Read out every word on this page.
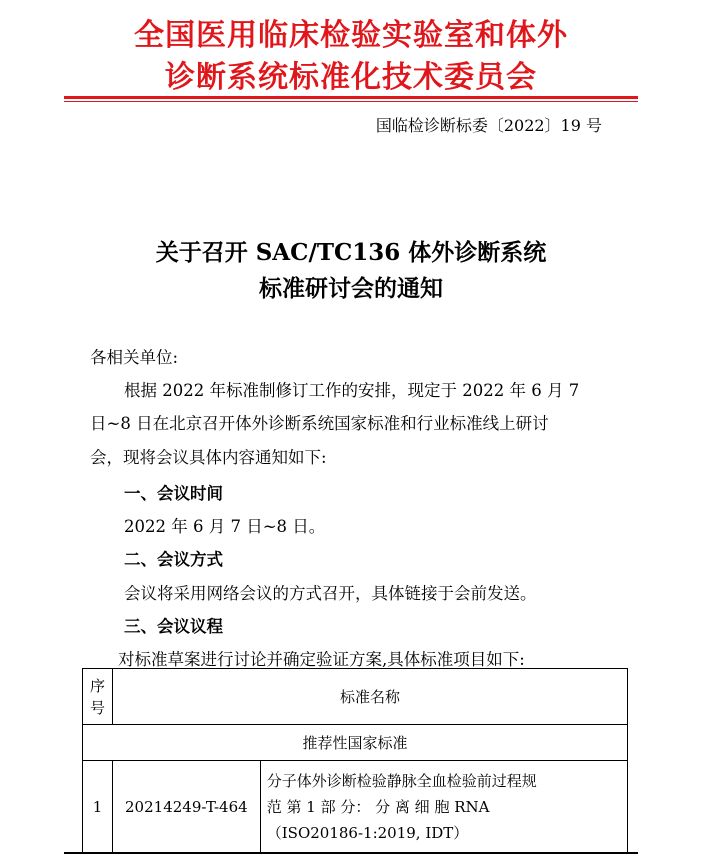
全国医用临床检验实验室和体外
诊断系统标准化技术委员会
国临检诊断标委〔2022〕19 号
关于召开 SAC/TC136 体外诊断系统
标准研讨会的通知
各相关单位:
根据 2022 年标准制修订工作的安排，现定于 2022 年 6 月 7
日~8 日在北京召开体外诊断系统国家标准和行业标准线上研讨
会，现将会议具体内容通知如下:
一、会议时间
2022 年 6 月 7 日~8 日。
二、会议方式
会议将采用网络会议的方式召开，具体链接于会前发送。
三、会议议程
对标准草案进行讨论并确定验证方案,具体标准项目如下:
序
号	标准名称	
推荐性国家标准		
1	20214249-T-464	分子体外诊断检验静脉全血检验前过程规
范 第 1 部 分： 分 离 细 胞 RNA
（ISO20186-1:2019, IDT）
